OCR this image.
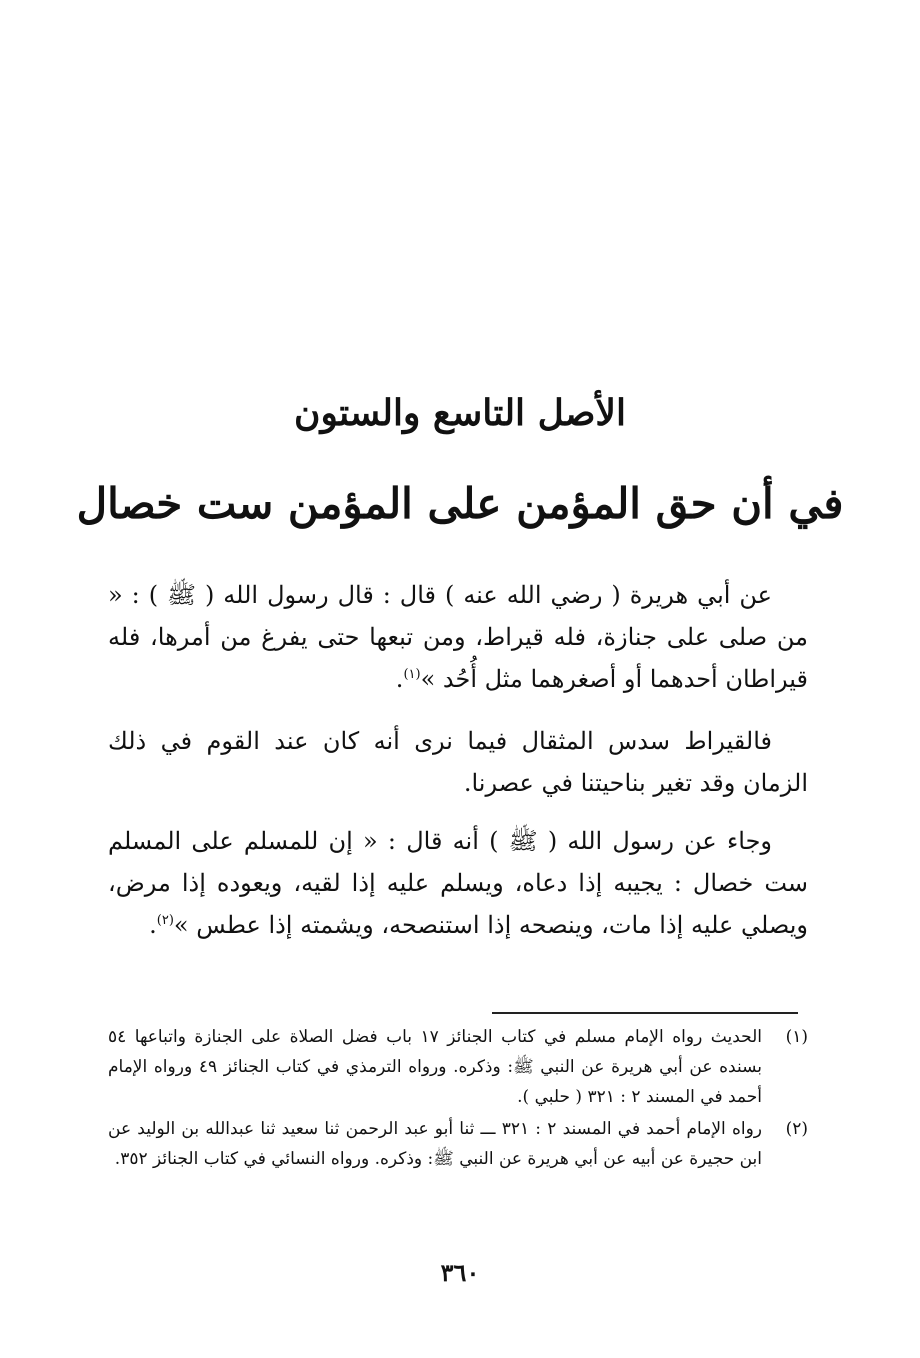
الأصل التاسع والستون
في أن حق المؤمن على المؤمن ست خصال
عن أبي هريرة ( رضي الله عنه ) قال : قال رسول الله ( ﷺ ) : « من صلى على جنازة، فله قيراط، ومن تبعها حتى يفرغ من أمرها، فله قيراطان أحدهما أو أصغرهما مثل أُحُد »$^{(١)}$.
فالقيراط سدس المثقال فيما نرى أنه كان عند القوم في ذلك الزمان وقد تغير بناحيتنا في عصرنا.
وجاء عن رسول الله ( ﷺ ) أنه قال : « إن للمسلم على المسلم ست خصال : يجيبه إذا دعاه، ويسلم عليه إذا لقيه، ويعوده إذا مرض، ويصلي عليه إذا مات، وينصحه إذا استنصحه، ويشمته إذا عطس »$^{(٢)}$.
(١)
الحديث رواه الإمام مسلم في كتاب الجنائز ١٧ باب فضل الصلاة على الجنازة واتباعها ٥٤ بسنده عن أبي هريرة عن النبي ﷺ: وذكره. ورواه الترمذي في كتاب الجنائز ٤٩ ورواه الإمام أحمد في المسند ٢ : ٣٢١ ( حلبي ).
(٢)
رواه الإمام أحمد في المسند ٢ : ٣٢١ ـــ ثنا أبو عبد الرحمن ثنا سعيد ثنا عبدالله بن الوليد عن ابن حجيرة عن أبيه عن أبي هريرة عن النبي ﷺ: وذكره. ورواه النسائي في كتاب الجنائز ٣٥٢.
٣٦٠
